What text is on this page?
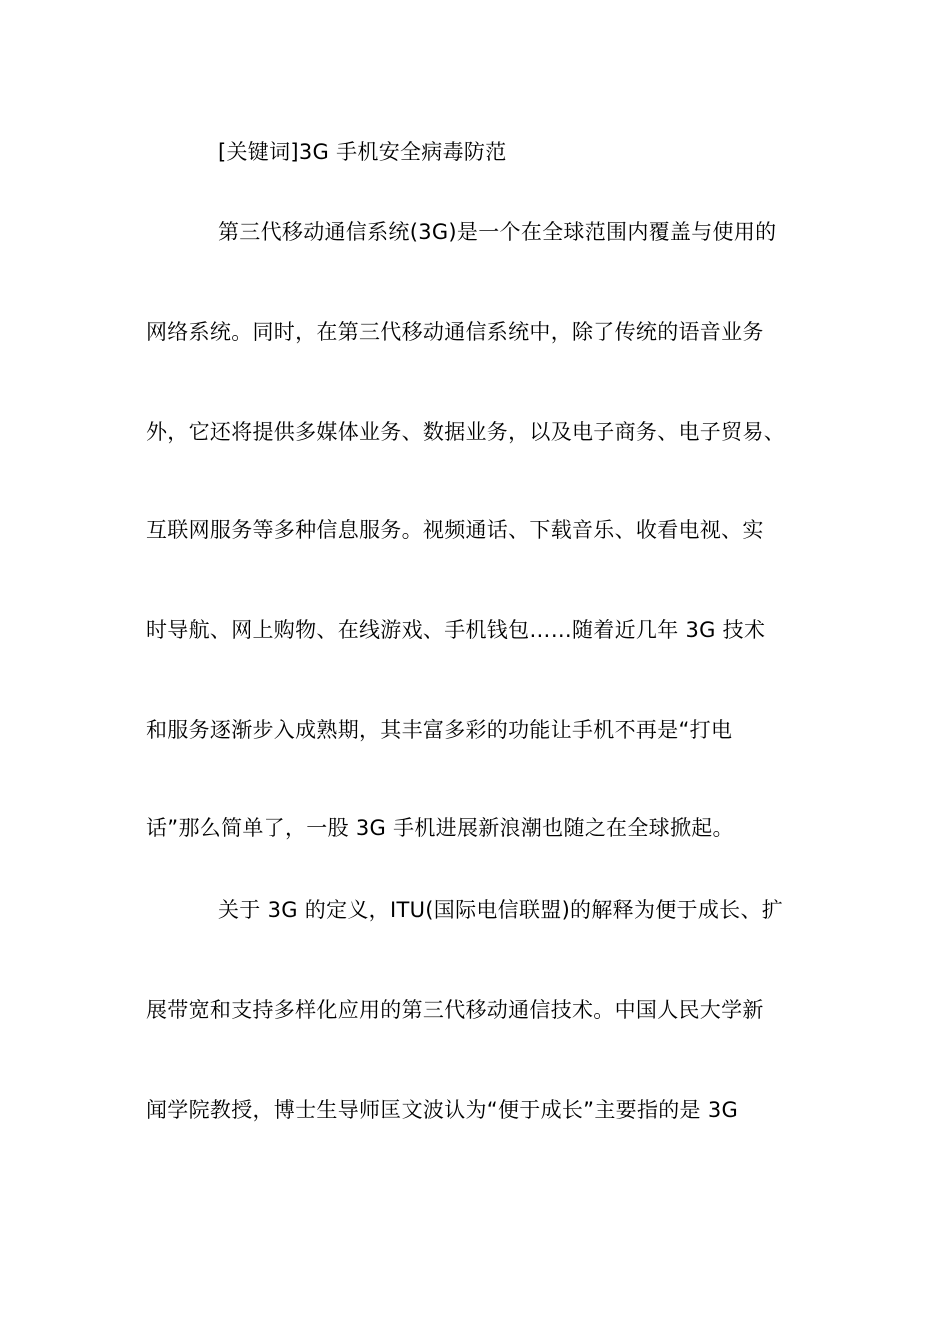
[关键词]3G 手机安全病毒防范
第三代移动通信系统(3G)是一个在全球范围内覆盖与使用的
网络系统。同时，在第三代移动通信系统中，除了传统的语音业务
外，它还将提供多媒体业务、数据业务，以及电子商务、电子贸易、
互联网服务等多种信息服务。视频通话、下载音乐、收看电视、实
时导航、网上购物、在线游戏、手机钱包……随着近几年 3G 技术
和服务逐渐步入成熟期，其丰富多彩的功能让手机不再是“打电
话”那么简单了，一股 3G 手机进展新浪潮也随之在全球掀起。
关于 3G 的定义，ITU(国际电信联盟)的解释为便于成长、扩
展带宽和支持多样化应用的第三代移动通信技术。中国人民大学新
闻学院教授，博士生导师匡文波认为“便于成长”主要指的是 3G
